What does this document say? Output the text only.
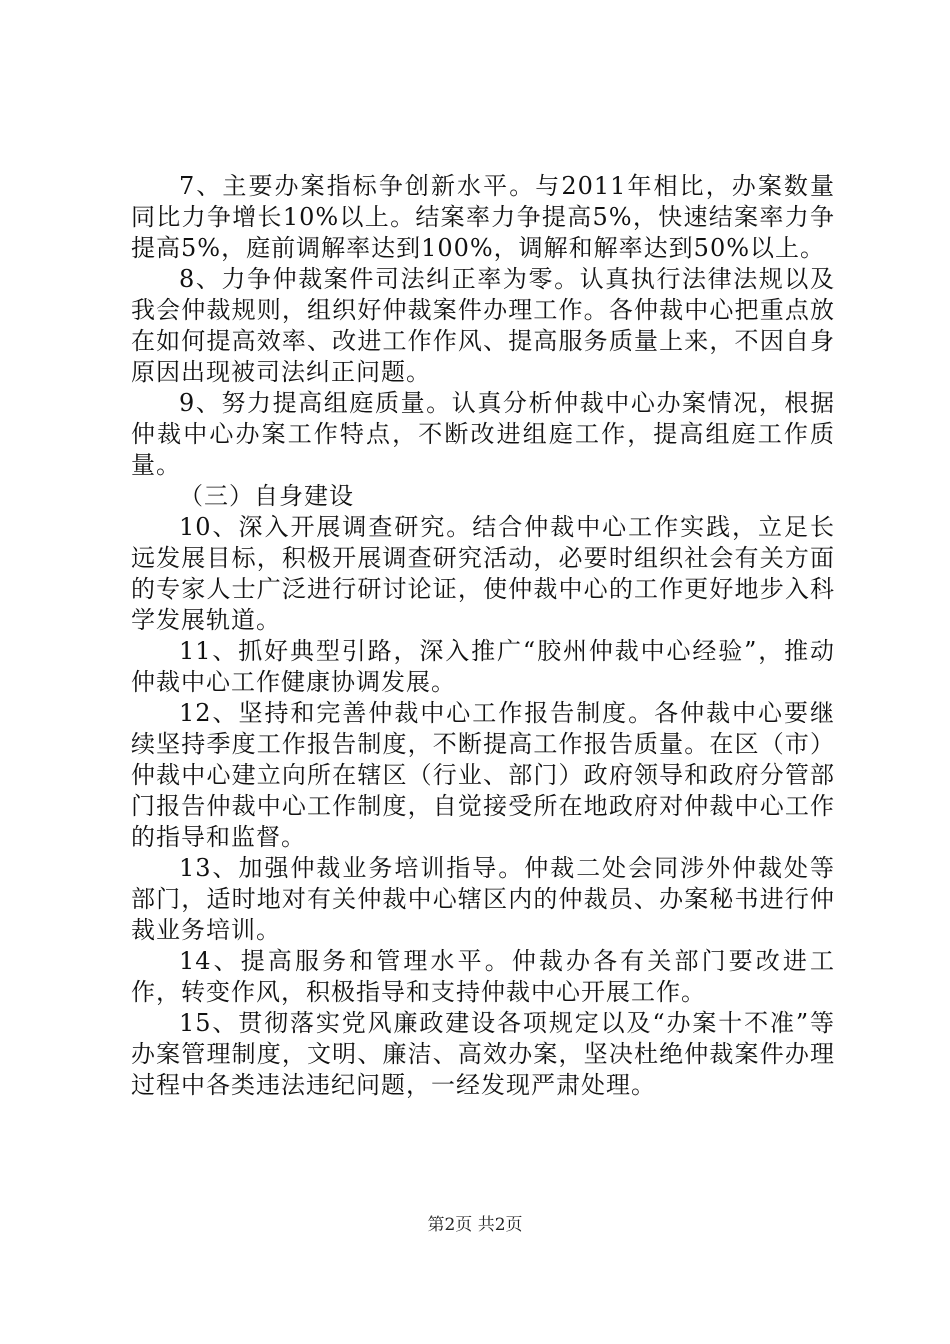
7、主要办案指标争创新水平。与2011年相比，办案数量同比力争增长10%以上。结案率力争提高5%，快速结案率力争提高5%，庭前调解率达到100%，调解和解率达到50%以上。

8、力争仲裁案件司法纠正率为零。认真执行法律法规以及我会仲裁规则，组织好仲裁案件办理工作。各仲裁中心把重点放在如何提高效率、改进工作作风、提高服务质量上来，不因自身原因出现被司法纠正问题。

9、努力提高组庭质量。认真分析仲裁中心办案情况，根据仲裁中心办案工作特点，不断改进组庭工作，提高组庭工作质量。

（三）自身建设

10、深入开展调查研究。结合仲裁中心工作实践，立足长远发展目标，积极开展调查研究活动，必要时组织社会有关方面的专家人士广泛进行研讨论证，使仲裁中心的工作更好地步入科学发展轨道。

11、抓好典型引路，深入推广“胶州仲裁中心经验”，推动仲裁中心工作健康协调发展。

12、坚持和完善仲裁中心工作报告制度。各仲裁中心要继续坚持季度工作报告制度，不断提高工作报告质量。在区（市）仲裁中心建立向所在辖区（行业、部门）政府领导和政府分管部门报告仲裁中心工作制度，自觉接受所在地政府对仲裁中心工作的指导和监督。

13、加强仲裁业务培训指导。仲裁二处会同涉外仲裁处等部门，适时地对有关仲裁中心辖区内的仲裁员、办案秘书进行仲裁业务培训。

14、提高服务和管理水平。仲裁办各有关部门要改进工作，转变作风，积极指导和支持仲裁中心开展工作。

15、贯彻落实党风廉政建设各项规定以及“办案十不准”等办案管理制度，文明、廉洁、高效办案，坚决杜绝仲裁案件办理过程中各类违法违纪问题，一经发现严肃处理。

第2页 共2页
